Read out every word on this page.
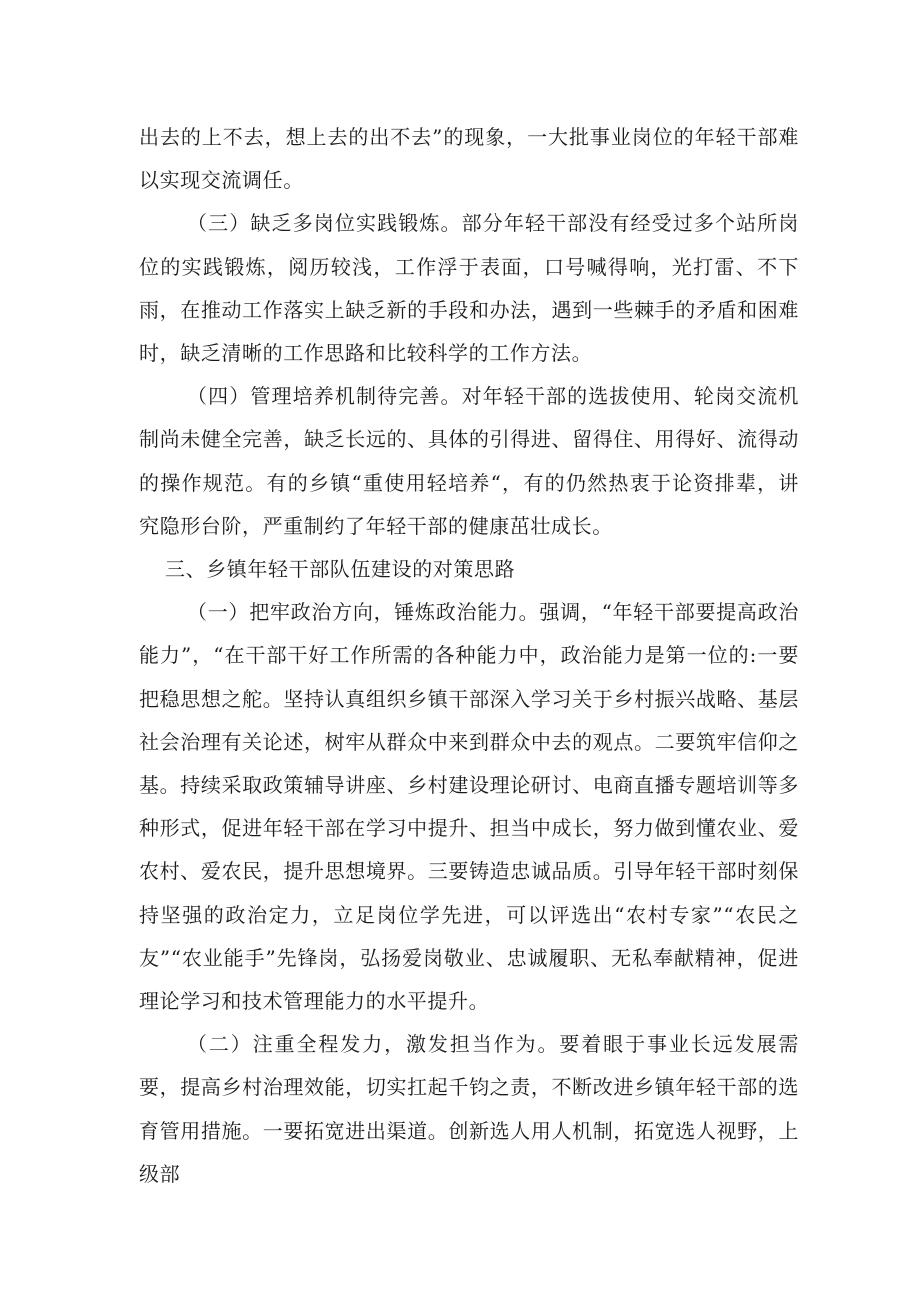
出去的上不去，想上去的出不去”的现象，一大批事业岗位的年轻干部难以实现交流调任。

（三）缺乏多岗位实践锻炼。部分年轻干部没有经受过多个站所岗位的实践锻炼，阅历较浅，工作浮于表面，口号喊得响，光打雷、不下雨，在推动工作落实上缺乏新的手段和办法，遇到一些棘手的矛盾和困难时，缺乏清晰的工作思路和比较科学的工作方法。

（四）管理培养机制待完善。对年轻干部的选拔使用、轮岗交流机制尚未健全完善，缺乏长远的、具体的引得进、留得住、用得好、流得动的操作规范。有的乡镇“重使用轻培养“，有的仍然热衷于论资排辈，讲究隐形台阶，严重制约了年轻干部的健康茁壮成长。

三、乡镇年轻干部队伍建设的对策思路

（一）把牢政治方向，锤炼政治能力。强调，“年轻干部要提高政治能力”，“在干部干好工作所需的各种能力中，政治能力是第一位的:一要把稳思想之舵。坚持认真组织乡镇干部深入学习关于乡村振兴战略、基层社会治理有关论述，树牢从群众中来到群众中去的观点。二要筑牢信仰之基。持续采取政策辅导讲座、乡村建设理论研讨、电商直播专题培训等多种形式，促进年轻干部在学习中提升、担当中成长，努力做到懂农业、爱农村、爱农民，提升思想境界。三要铸造忠诚品质。引导年轻干部时刻保持坚强的政治定力，立足岗位学先进，可以评选出“农村专家”“农民之友”“农业能手”先锋岗，弘扬爱岗敬业、忠诚履职、无私奉献精神，促进理论学习和技术管理能力的水平提升。

（二）注重全程发力，激发担当作为。要着眼于事业长远发展需要，提高乡村治理效能，切实扛起千钧之责，不断改进乡镇年轻干部的选育管用措施。一要拓宽进出渠道。创新选人用人机制，拓宽选人视野，上级部
